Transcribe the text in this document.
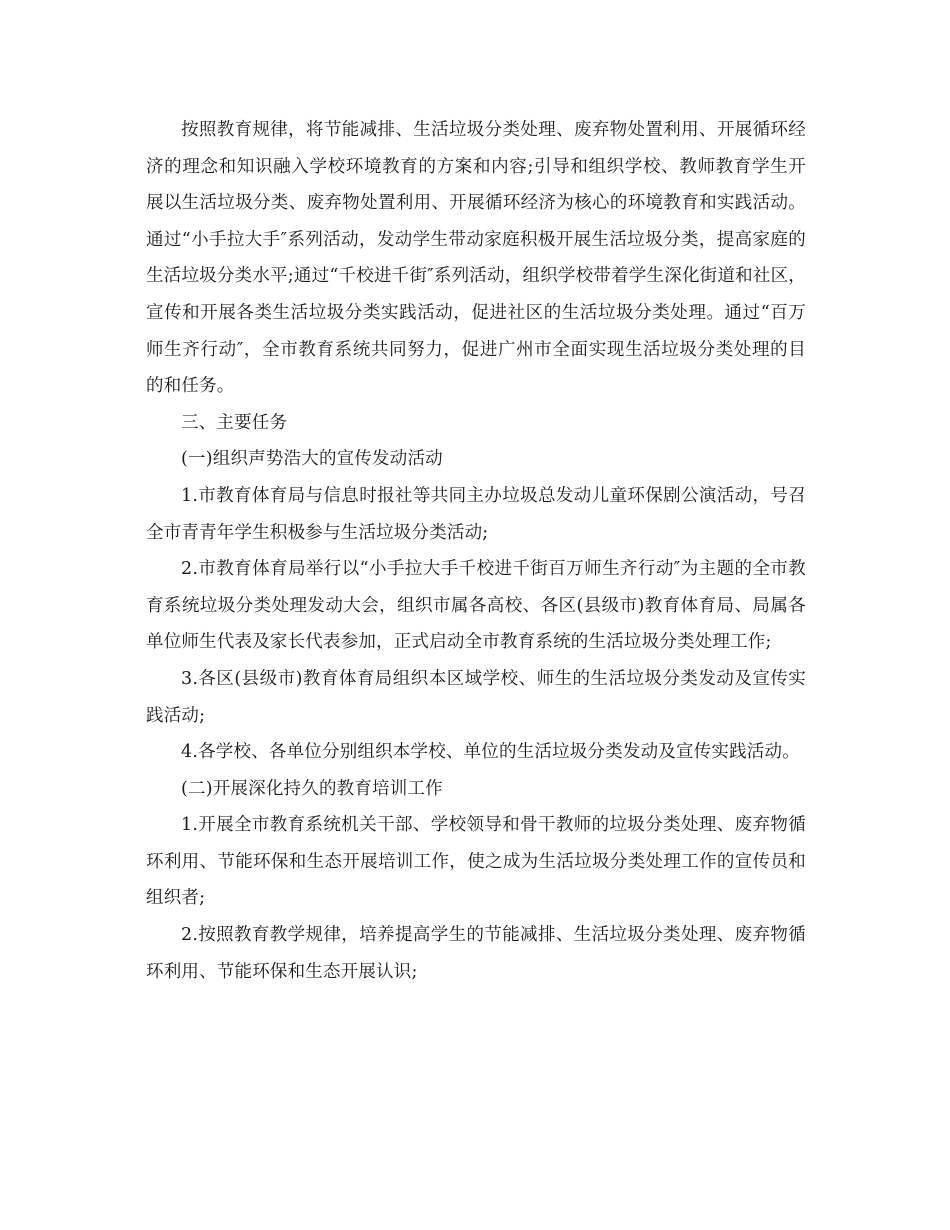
按照教育规律，将节能减排、生活垃圾分类处理、废弃物处置利用、开展循环经济的理念和知识融入学校环境教育的方案和内容;引导和组织学校、教师教育学生开展以生活垃圾分类、废弃物处置利用、开展循环经济为核心的环境教育和实践活动。通过“小手拉大手″系列活动，发动学生带动家庭积极开展生活垃圾分类，提高家庭的生活垃圾分类水平;通过“千校进千街″系列活动，组织学校带着学生深化街道和社区，宣传和开展各类生活垃圾分类实践活动，促进社区的生活垃圾分类处理。通过“百万师生齐行动″，全市教育系统共同努力，促进广州市全面实现生活垃圾分类处理的目的和任务。

三、主要任务

(一)组织声势浩大的宣传发动活动

1.市教育体育局与信息时报社等共同主办垃圾总发动儿童环保剧公演活动，号召全市青青年学生积极参与生活垃圾分类活动;

2.市教育体育局举行以“小手拉大手千校进千街百万师生齐行动″为主题的全市教育系统垃圾分类处理发动大会，组织市属各高校、各区(县级市)教育体育局、局属各单位师生代表及家长代表参加，正式启动全市教育系统的生活垃圾分类处理工作;

3.各区(县级市)教育体育局组织本区域学校、师生的生活垃圾分类发动及宣传实践活动;

4.各学校、各单位分别组织本学校、单位的生活垃圾分类发动及宣传实践活动。

(二)开展深化持久的教育培训工作

1.开展全市教育系统机关干部、学校领导和骨干教师的垃圾分类处理、废弃物循环利用、节能环保和生态开展培训工作，使之成为生活垃圾分类处理工作的宣传员和组织者;

2.按照教育教学规律，培养提高学生的节能减排、生活垃圾分类处理、废弃物循环利用、节能环保和生态开展认识;
